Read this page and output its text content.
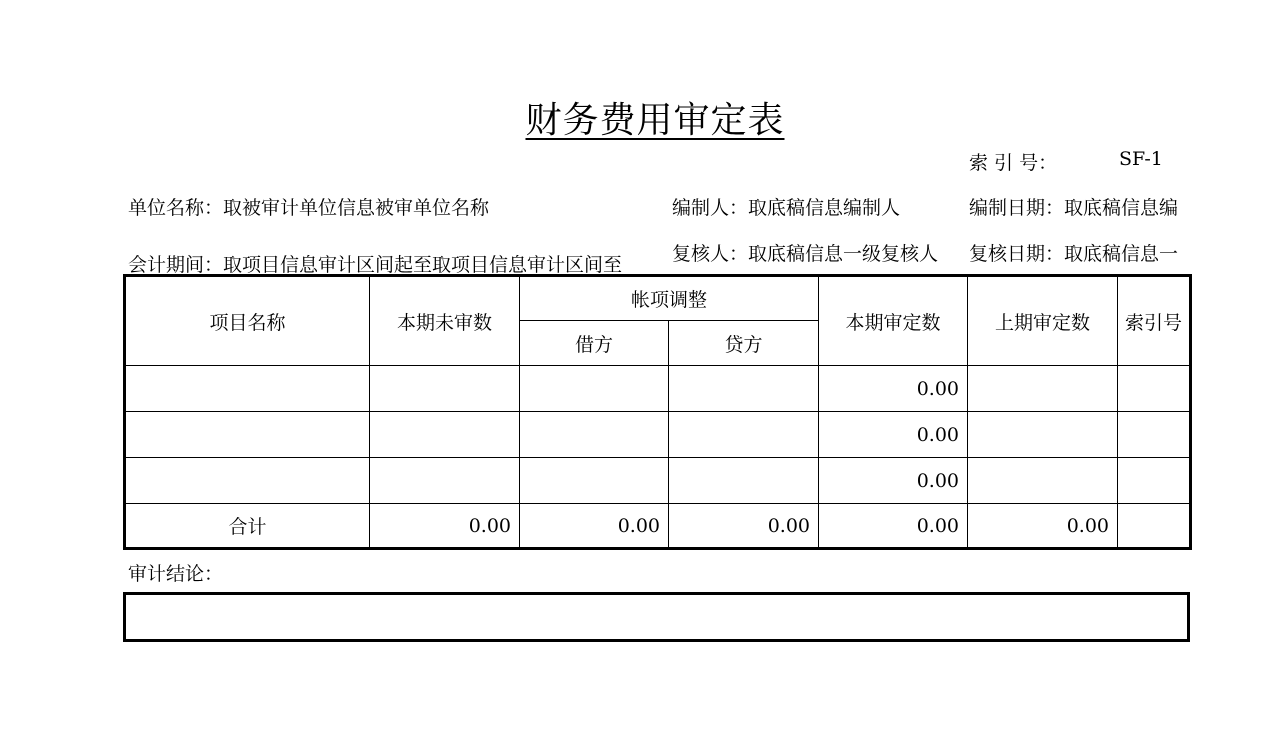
财务费用审定表
索 引 号：	SF-1
单位名称：取被审计单位信息被审单位名称	编制人：取底稿信息编制人	编制日期：取底稿信息编
会计期间：取项目信息审计区间起至取项目信息审计区间至	复核人：取底稿信息一级复核人 复核日期：取底稿信息一
项目名称	本期未审数	帐项调整		本期审定数	上期审定数	索引号
		借方	贷方			
				0.00		
				0.00		
				0.00		
合计	0.00	0.00	0.00	0.00	0.00	
审计结论：
